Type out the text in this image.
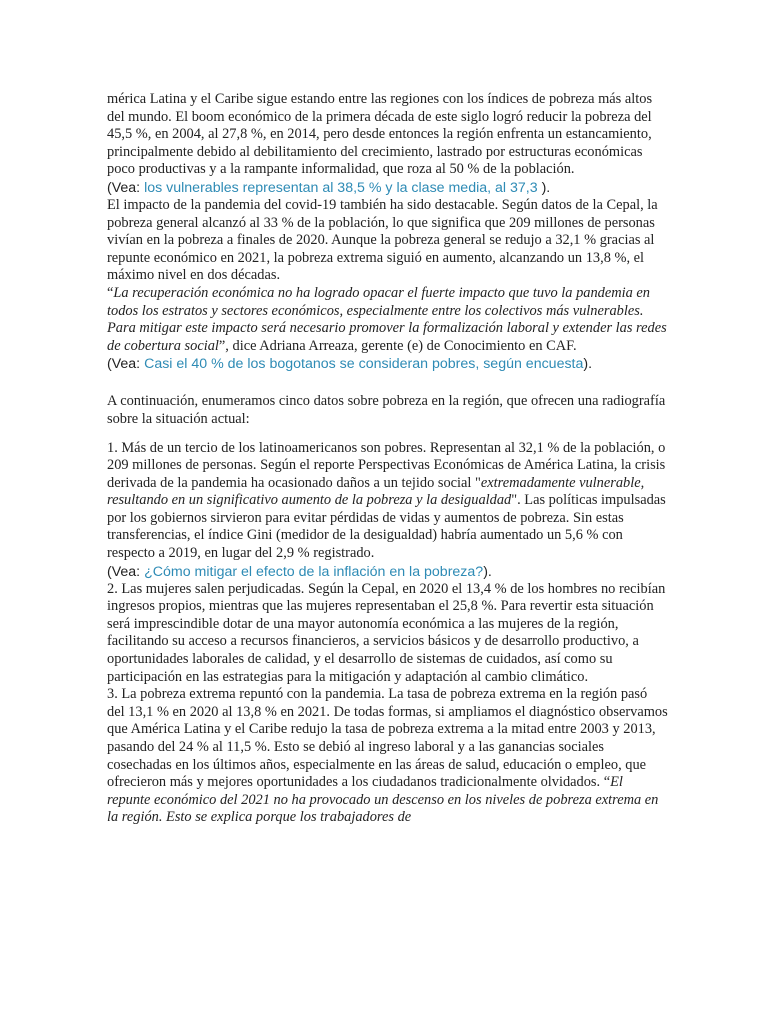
mérica Latina y el Caribe sigue estando entre las regiones con los índices de pobreza más altos del mundo. El boom económico de la primera década de este siglo logró reducir la pobreza del 45,5 %, en 2004, al 27,8 %, en 2014, pero desde entonces la región enfrenta un estancamiento, principalmente debido al debilitamiento del crecimiento, lastrado por estructuras económicas poco productivas y a la rampante informalidad, que roza al 50 % de la población.

(Vea: los vulnerables representan al 38,5 % y la clase media, al 37,3 ).

El impacto de la pandemia del covid-19 también ha sido destacable. Según datos de la Cepal, la pobreza general alcanzó al 33 % de la población, lo que significa que 209 millones de personas vivían en la pobreza a finales de 2020. Aunque la pobreza general se redujo a 32,1 % gracias al repunte económico en 2021, la pobreza extrema siguió en aumento, alcanzando un 13,8 %, el máximo nivel en dos décadas.

“La recuperación económica no ha logrado opacar el fuerte impacto que tuvo la pandemia en todos los estratos y sectores económicos, especialmente entre los colectivos más vulnerables. Para mitigar este impacto será necesario promover la formalización laboral y extender las redes de cobertura social”, dice Adriana Arreaza, gerente (e) de Conocimiento en CAF.

(Vea: Casi el 40 % de los bogotanos se consideran pobres, según encuesta).

A continuación, enumeramos cinco datos sobre pobreza en la región, que ofrecen una radiografía sobre la situación actual:

1. Más de un tercio de los latinoamericanos son pobres. Representan al 32,1 % de la población, o 209 millones de personas. Según el reporte Perspectivas Económicas de América Latina, la crisis derivada de la pandemia ha ocasionado daños a un tejido social "extremadamente vulnerable, resultando en un significativo aumento de la pobreza y la desigualdad". Las políticas impulsadas por los gobiernos sirvieron para evitar pérdidas de vidas y aumentos de pobreza. Sin estas transferencias, el índice Gini (medidor de la desigualdad) habría aumentado un 5,6 % con respecto a 2019, en lugar del 2,9 % registrado.

(Vea: ¿Cómo mitigar el efecto de la inflación en la pobreza?).

2. Las mujeres salen perjudicadas. Según la Cepal, en 2020 el 13,4 % de los hombres no recibían ingresos propios, mientras que las mujeres representaban el 25,8 %. Para revertir esta situación será imprescindible dotar de una mayor autonomía económica a las mujeres de la región, facilitando su acceso a recursos financieros, a servicios básicos y de desarrollo productivo, a oportunidades laborales de calidad, y el desarrollo de sistemas de cuidados, así como su participación en las estrategias para la mitigación y adaptación al cambio climático.

3. La pobreza extrema repuntó con la pandemia. La tasa de pobreza extrema en la región pasó del 13,1 % en 2020 al 13,8 % en 2021. De todas formas, si ampliamos el diagnóstico observamos que América Latina y el Caribe redujo la tasa de pobreza extrema a la mitad entre 2003 y 2013, pasando del 24 % al 11,5 %. Esto se debió al ingreso laboral y a las ganancias sociales cosechadas en los últimos años, especialmente en las áreas de salud, educación o empleo, que ofrecieron más y mejores oportunidades a los ciudadanos tradicionalmente olvidados. “El repunte económico del 2021 no ha provocado un descenso en los niveles de pobreza extrema en la región. Esto se explica porque los trabajadores de
